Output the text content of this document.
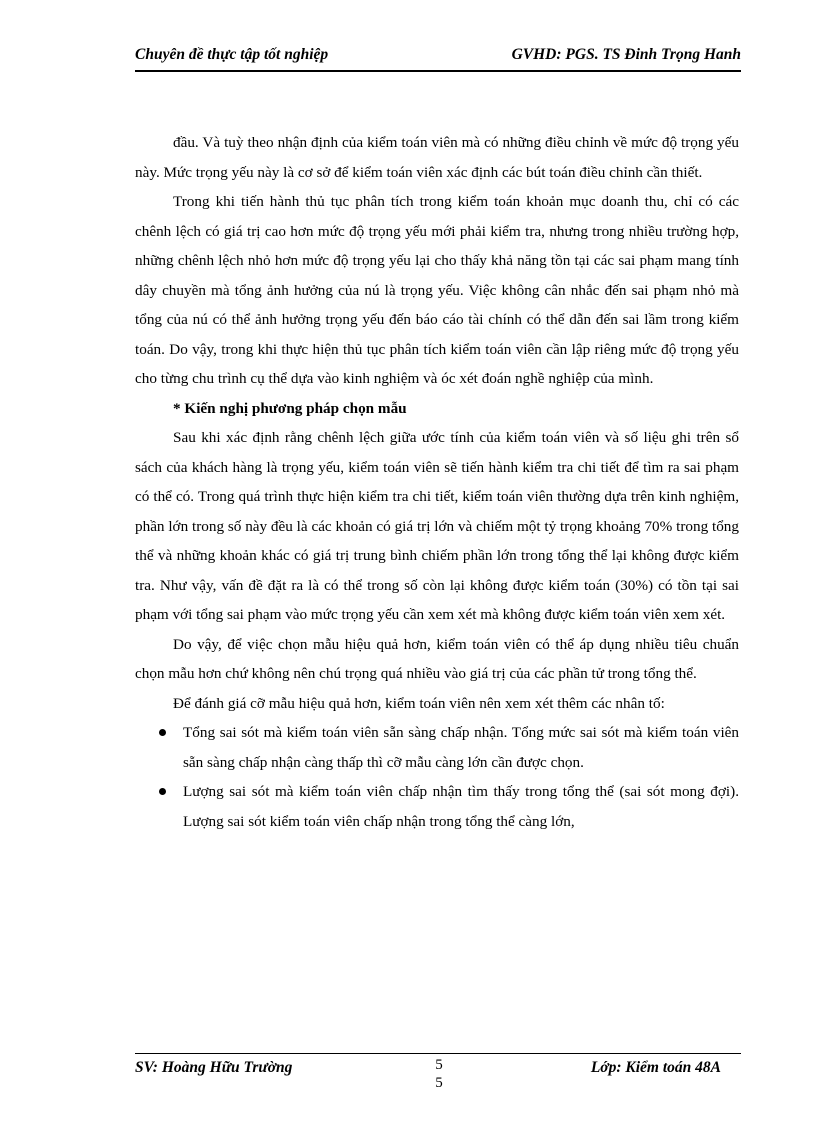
Chuyên đề thực tập tốt nghiệp	GVHD: PGS. TS Đinh Trọng Hanh

đầu. Và tuỳ theo nhận định của kiểm toán viên mà có những điều chỉnh về mức độ trọng yếu này. Mức trọng yếu này là cơ sở để kiểm toán viên xác định các bút toán điều chỉnh cần thiết.

Trong khi tiến hành thủ tục phân tích trong kiểm toán khoản mục doanh thu, chỉ có các chênh lệch có giá trị cao hơn mức độ trọng yếu mới phải kiểm tra, nhưng trong nhiều trường hợp, những chênh lệch nhỏ hơn mức độ trọng yếu lại cho thấy khả năng tồn tại các sai phạm mang tính dây chuyền mà tổng ảnh hưởng của nú là trọng yếu. Việc không cân nhắc đến sai phạm nhỏ mà tổng của nú có thể ảnh hưởng trọng yếu đến báo cáo tài chính có thể dẫn đến sai lầm trong kiểm toán. Do vậy, trong khi thực hiện thủ tục phân tích kiểm toán viên cần lập riêng mức độ trọng yếu cho từng chu trình cụ thể dựa vào kinh nghiệm và óc xét đoán nghề nghiệp của mình.

* Kiến nghị phương pháp chọn mẫu

Sau khi xác định rằng chênh lệch giữa ước tính của kiểm toán viên và số liệu ghi trên sổ sách của khách hàng là trọng yếu, kiểm toán viên sẽ tiến hành kiểm tra chi tiết để tìm ra sai phạm có thể có. Trong quá trình thực hiện kiểm tra chi tiết, kiểm toán viên thường dựa trên kinh nghiệm, phần lớn trong số này đều là các khoản có giá trị lớn và chiếm một tỷ trọng khoảng 70% trong tổng thể và những khoản khác có giá trị trung bình chiếm phần lớn trong tổng thể lại không được kiểm tra. Như vậy, vấn đề đặt ra là có thể trong số còn lại không được kiểm toán (30%) có tồn tại sai phạm với tổng sai phạm vào mức trọng yếu cần xem xét mà không được kiểm toán viên xem xét.

Do vậy, để việc chọn mẫu hiệu quả hơn, kiểm toán viên có thể áp dụng nhiều tiêu chuẩn chọn mẫu hơn chứ không nên chú trọng quá nhiều vào giá trị của các phần tử trong tổng thể.

Để đánh giá cỡ mẫu hiệu quả hơn, kiểm toán viên nên xem xét thêm các nhân tố:

Tổng sai sót mà kiểm toán viên sẵn sàng chấp nhận. Tổng mức sai sót mà kiểm toán viên sẵn sàng chấp nhận càng thấp thì cỡ mẫu càng lớn cần được chọn.
Lượng sai sót mà kiểm toán viên chấp nhận tìm thấy trong tổng thể (sai sót mong đợi). Lượng sai sót kiểm toán viên chấp nhận trong tổng thể càng lớn,
SV: Hoàng Hữu Trường	5
5
Lớp: Kiểm toán 48A
